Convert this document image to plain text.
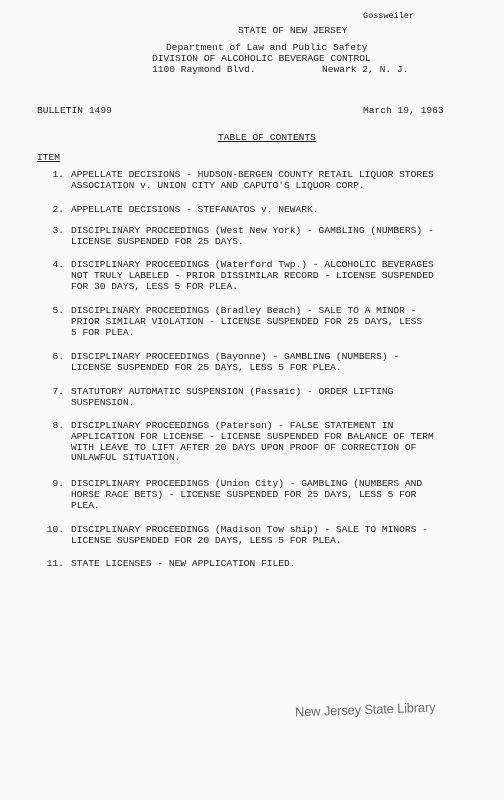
Gossweiler
STATE OF NEW JERSEY
Department of Law and Public Safety
DIVISION OF ALCOHOLIC BEVERAGE CONTROL
1100 Raymond Blvd.	Newark 2, N. J.
BULLETIN 1499	March 19, 1963
TABLE OF CONTENTS
ITEM
1. APPELLATE DECISIONS - HUDSON-BERGEN COUNTY RETAIL LIQUOR STORES
ASSOCIATION v. UNION CITY AND CAPUTO'S LIQUOR CORP.
2. APPELLATE DECISIONS - STEFANATOS v. NEWARK.
3. DISCIPLINARY PROCEEDINGS (West New York) - GAMBLING (NUMBERS) -
LICENSE SUSPENDED FOR 25 DAYS.
4. DISCIPLINARY PROCEEDINGS (Waterford Twp.) - ALCOHOLIC BEVERAGES
NOT TRULY LABELED - PRIOR DISSIMILAR RECORD - LICENSE SUSPENDED
FOR 30 DAYS, LESS 5 FOR PLEA.
5. DISCIPLINARY PROCEEDINGS (Bradley Beach) - SALE TO A MINOR -
PRIOR SIMILAR VIOLATION - LICENSE SUSPENDED FOR 25 DAYS, LESS
5 FOR PLEA.
6. DISCIPLINARY PROCEEDINGS (Bayonne) - GAMBLING (NUMBERS) -
LICENSE SUSPENDED FOR 25 DAYS, LESS 5 FOR PLEA.
7. STATUTORY AUTOMATIC SUSPENSION (Passaic) - ORDER LIFTING
SUSPENSION.
8. DISCIPLINARY PROCEEDINGS (Paterson) - FALSE STATEMENT IN
APPLICATION FOR LICENSE - LICENSE SUSPENDED FOR BALANCE OF TERM
WITH LEAVE TO LIFT AFTER 20 DAYS UPON PROOF OF CORRECTION OF
UNLAWFUL SITUATION.
9. DISCIPLINARY PROCEEDINGS (Union City) - GAMBLING (NUMBERS AND
HORSE RACE BETS) - LICENSE SUSPENDED FOR 25 DAYS, LESS 5 FOR
PLEA.
10. DISCIPLINARY PROCEEDINGS (Madison Tow ship) - SALE TO MINORS -
LICENSE SUSPENDED FOR 20 DAYS, LESS 5 FOR PLEA.
11. STATE LICENSES - NEW APPLICATION FILED.
New Jersey State Library
